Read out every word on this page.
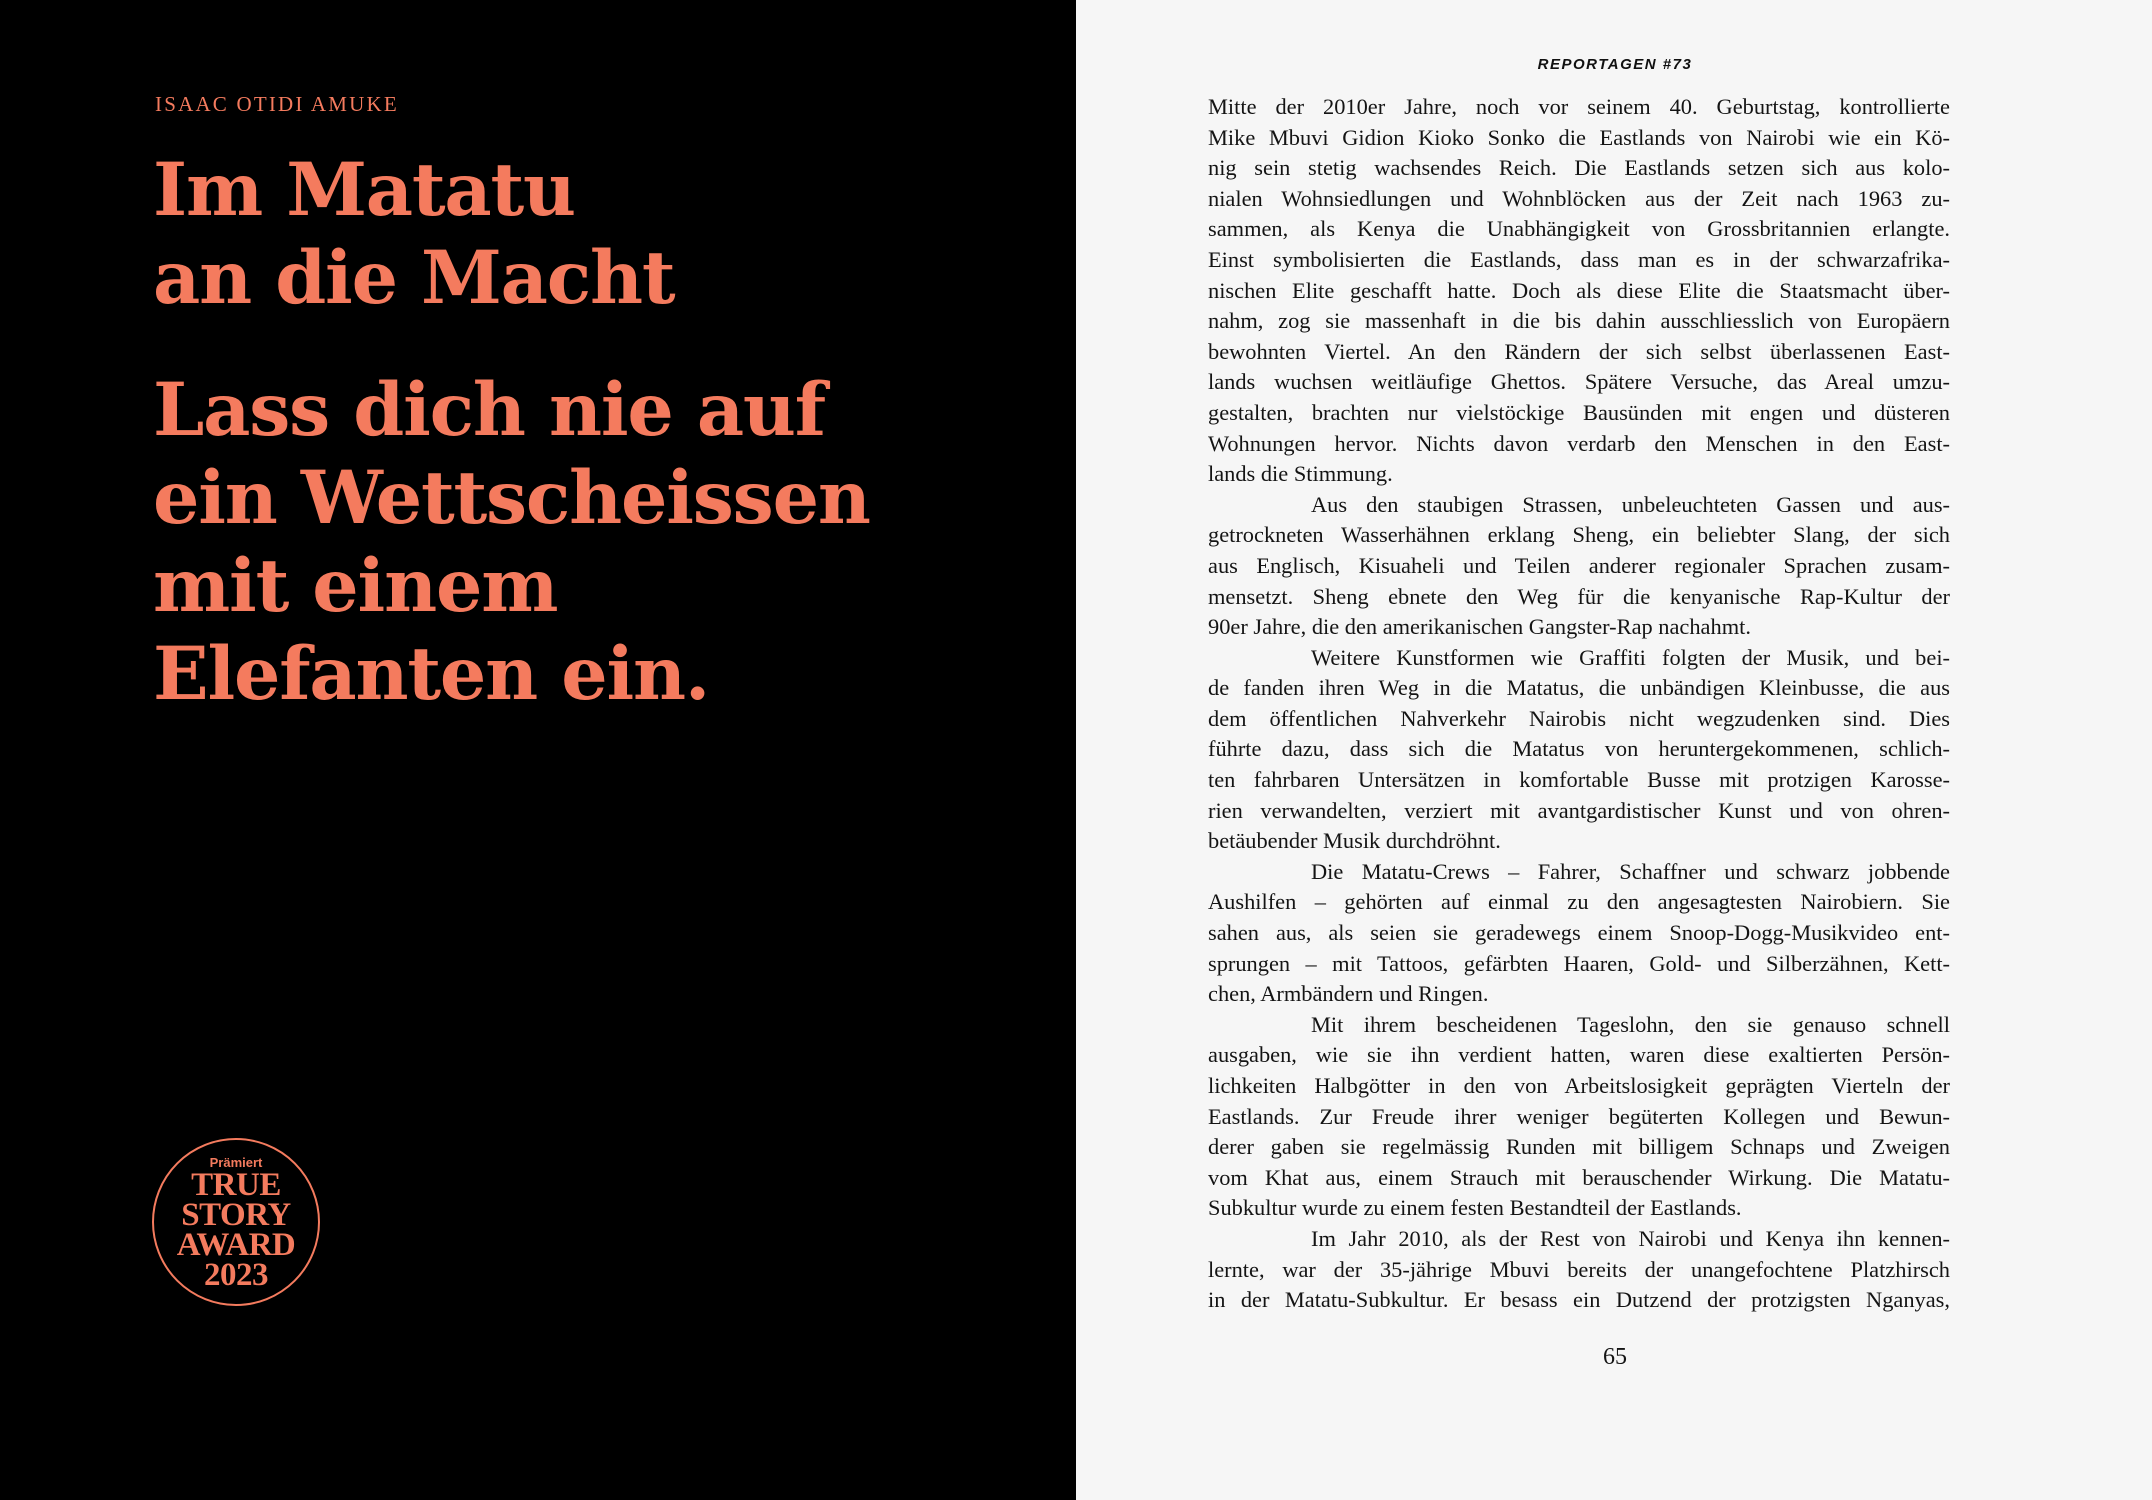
ISAAC OTIDI AMUKE
Im Matatu
an die Macht
Lass dich nie auf
ein Wettscheissen
mit einem
Elefanten ein.
Prämiert
TRUE
STORY
AWARD
2023
REPORTAGEN #73
Mitte der 2010er Jahre, noch vor seinem 40. Geburtstag, kontrollierte
Mike Mbuvi Gidion Kioko Sonko die Eastlands von Nairobi wie ein Kö-
nig sein stetig wachsendes Reich. Die Eastlands setzen sich aus kolo-
nialen Wohnsiedlungen und Wohnblöcken aus der Zeit nach 1963 zu-
sammen, als Kenya die Unabhängigkeit von Grossbritannien erlangte.
Einst symbolisierten die Eastlands, dass man es in der schwarzafrika-
nischen Elite geschafft hatte. Doch als diese Elite die Staatsmacht über-
nahm, zog sie massenhaft in die bis dahin ausschliesslich von Europäern
bewohnten Viertel. An den Rändern der sich selbst überlassenen East-
lands wuchsen weitläufige Ghettos. Spätere Versuche, das Areal umzu-
gestalten, brachten nur vielstöckige Bausünden mit engen und düsteren
Wohnungen hervor. Nichts davon verdarb den Menschen in den East-
lands die Stimmung.
Aus den staubigen Strassen, unbeleuchteten Gassen und aus-
getrockneten Wasserhähnen erklang Sheng, ein beliebter Slang, der sich
aus Englisch, Kisuaheli und Teilen anderer regionaler Sprachen zusam-
mensetzt. Sheng ebnete den Weg für die kenyanische Rap-Kultur der
90er Jahre, die den amerikanischen Gangster-Rap nachahmt.
Weitere Kunstformen wie Graffiti folgten der Musik, und bei-
de fanden ihren Weg in die Matatus, die unbändigen Kleinbusse, die aus
dem öffentlichen Nahverkehr Nairobis nicht wegzudenken sind. Dies
führte dazu, dass sich die Matatus von heruntergekommenen, schlich-
ten fahrbaren Untersätzen in komfortable Busse mit protzigen Karosse-
rien verwandelten, verziert mit avantgardistischer Kunst und von ohren-
betäubender Musik durchdröhnt.
Die Matatu-Crews – Fahrer, Schaffner und schwarz jobbende
Aushilfen – gehörten auf einmal zu den angesagtesten Nairobiern. Sie
sahen aus, als seien sie geradewegs einem Snoop-Dogg-Musikvideo ent-
sprungen – mit Tattoos, gefärbten Haaren, Gold- und Silberzähnen, Kett-
chen, Armbändern und Ringen.
Mit ihrem bescheidenen Tageslohn, den sie genauso schnell
ausgaben, wie sie ihn verdient hatten, waren diese exaltierten Persön-
lichkeiten Halbgötter in den von Arbeitslosigkeit geprägten Vierteln der
Eastlands. Zur Freude ihrer weniger begüterten Kollegen und Bewun-
derer gaben sie regelmässig Runden mit billigem Schnaps und Zweigen
vom Khat aus, einem Strauch mit berauschender Wirkung. Die Matatu-
Subkultur wurde zu einem festen Bestandteil der Eastlands.
Im Jahr 2010, als der Rest von Nairobi und Kenya ihn kennen-
lernte, war der 35-jährige Mbuvi bereits der unangefochtene Platzhirsch
in der Matatu-Subkultur. Er besass ein Dutzend der protzigsten Nganyas,
65
